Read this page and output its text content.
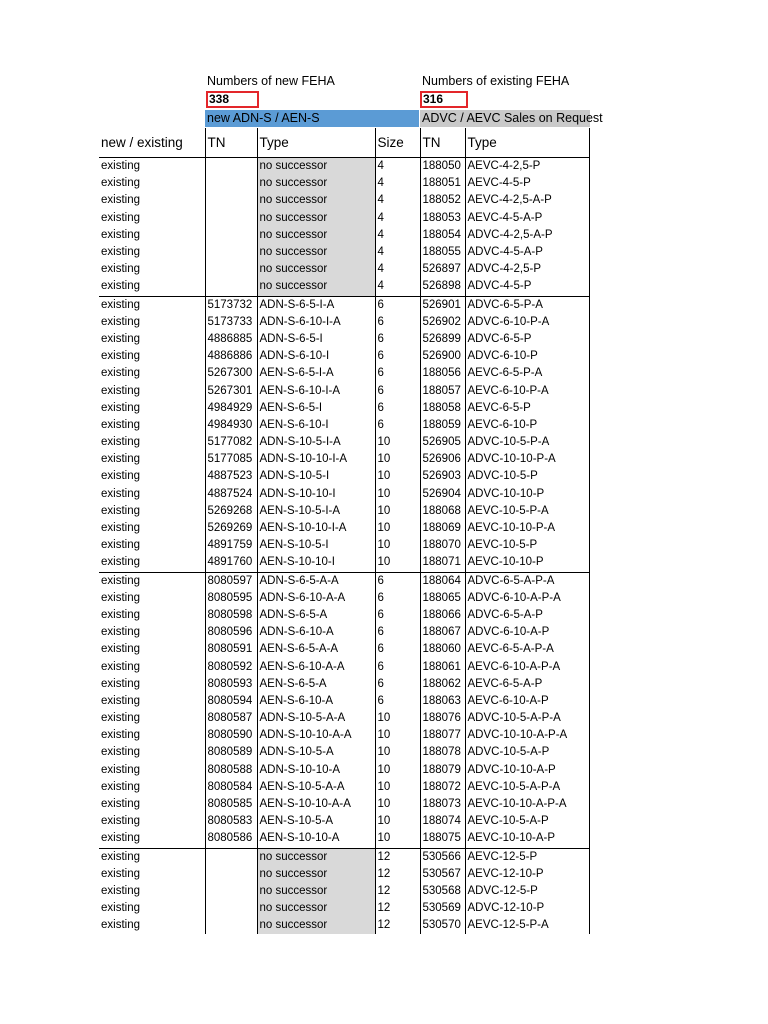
Numbers of new FEHA
338
new ADN-S / AEN-S
Numbers of existing FEHA
316
ADVC / AEVC Sales on Request
new / existing	TN	Type	Size	TN	Type
existing		no successor	4	188050	AEVC-4-2,5-P
existing		no successor	4	188051	AEVC-4-5-P
existing		no successor	4	188052	AEVC-4-2,5-A-P
existing		no successor	4	188053	AEVC-4-5-A-P
existing		no successor	4	188054	ADVC-4-2,5-A-P
existing		no successor	4	188055	ADVC-4-5-A-P
existing		no successor	4	526897	ADVC-4-2,5-P
existing		no successor	4	526898	ADVC-4-5-P
existing	5173732	ADN-S-6-5-I-A	6	526901	ADVC-6-5-P-A
existing	5173733	ADN-S-6-10-I-A	6	526902	ADVC-6-10-P-A
existing	4886885	ADN-S-6-5-I	6	526899	ADVC-6-5-P
existing	4886886	ADN-S-6-10-I	6	526900	ADVC-6-10-P
existing	5267300	AEN-S-6-5-I-A	6	188056	AEVC-6-5-P-A
existing	5267301	AEN-S-6-10-I-A	6	188057	AEVC-6-10-P-A
existing	4984929	AEN-S-6-5-I	6	188058	AEVC-6-5-P
existing	4984930	AEN-S-6-10-I	6	188059	AEVC-6-10-P
existing	5177082	ADN-S-10-5-I-A	10	526905	ADVC-10-5-P-A
existing	5177085	ADN-S-10-10-I-A	10	526906	ADVC-10-10-P-A
existing	4887523	ADN-S-10-5-I	10	526903	ADVC-10-5-P
existing	4887524	ADN-S-10-10-I	10	526904	ADVC-10-10-P
existing	5269268	AEN-S-10-5-I-A	10	188068	AEVC-10-5-P-A
existing	5269269	AEN-S-10-10-I-A	10	188069	AEVC-10-10-P-A
existing	4891759	AEN-S-10-5-I	10	188070	AEVC-10-5-P
existing	4891760	AEN-S-10-10-I	10	188071	AEVC-10-10-P
existing	8080597	ADN-S-6-5-A-A	6	188064	ADVC-6-5-A-P-A
existing	8080595	ADN-S-6-10-A-A	6	188065	ADVC-6-10-A-P-A
existing	8080598	ADN-S-6-5-A	6	188066	ADVC-6-5-A-P
existing	8080596	ADN-S-6-10-A	6	188067	ADVC-6-10-A-P
existing	8080591	AEN-S-6-5-A-A	6	188060	AEVC-6-5-A-P-A
existing	8080592	AEN-S-6-10-A-A	6	188061	AEVC-6-10-A-P-A
existing	8080593	AEN-S-6-5-A	6	188062	AEVC-6-5-A-P
existing	8080594	AEN-S-6-10-A	6	188063	AEVC-6-10-A-P
existing	8080587	ADN-S-10-5-A-A	10	188076	ADVC-10-5-A-P-A
existing	8080590	ADN-S-10-10-A-A	10	188077	ADVC-10-10-A-P-A
existing	8080589	ADN-S-10-5-A	10	188078	ADVC-10-5-A-P
existing	8080588	ADN-S-10-10-A	10	188079	ADVC-10-10-A-P
existing	8080584	AEN-S-10-5-A-A	10	188072	AEVC-10-5-A-P-A
existing	8080585	AEN-S-10-10-A-A	10	188073	AEVC-10-10-A-P-A
existing	8080583	AEN-S-10-5-A	10	188074	AEVC-10-5-A-P
existing	8080586	AEN-S-10-10-A	10	188075	AEVC-10-10-A-P
existing		no successor	12	530566	AEVC-12-5-P
existing		no successor	12	530567	AEVC-12-10-P
existing		no successor	12	530568	ADVC-12-5-P
existing		no successor	12	530569	ADVC-12-10-P
existing		no successor	12	530570	AEVC-12-5-P-A
